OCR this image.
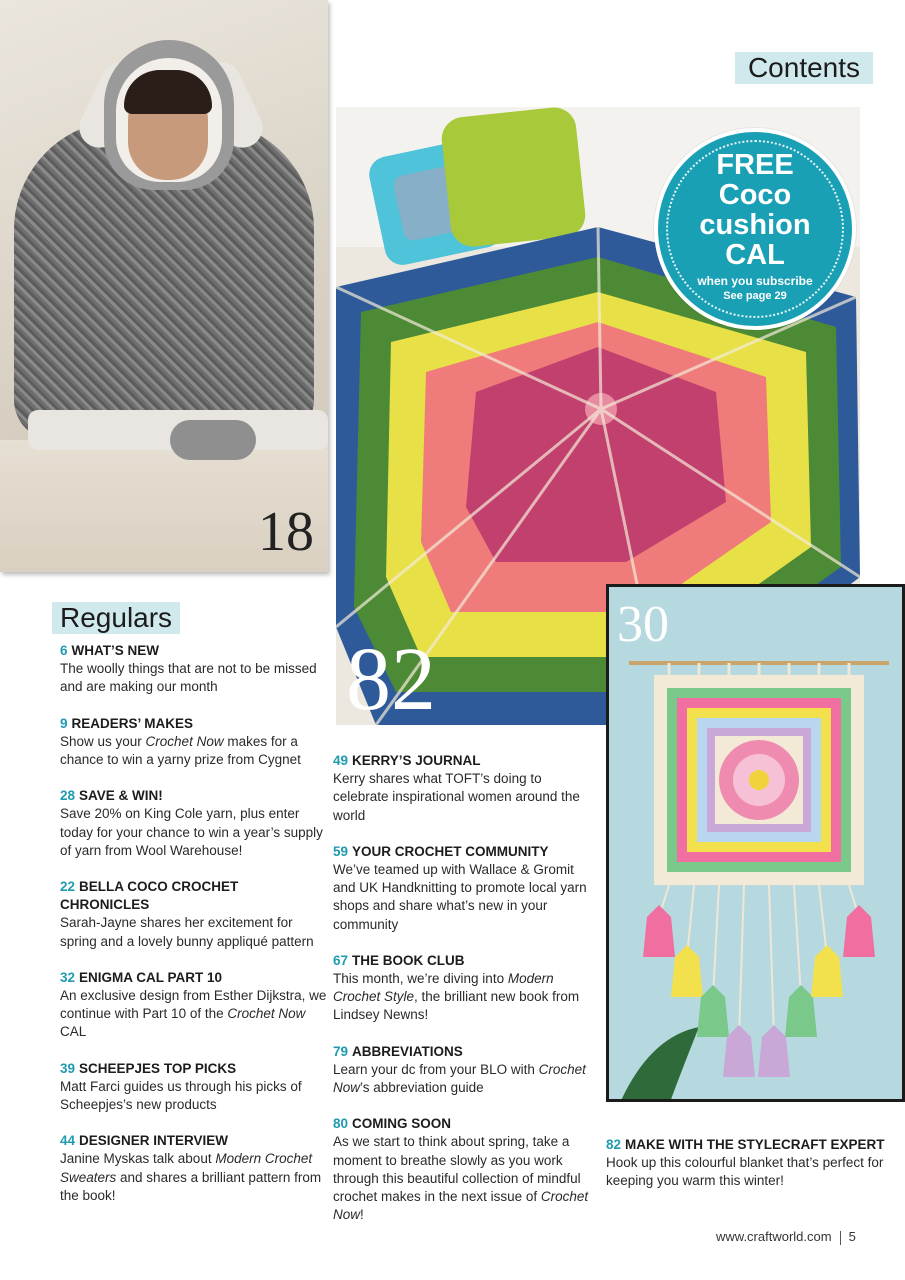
18
82
FREE
Coco
cushion
CAL
when you subscribe
See page 29
30
Contents
Regulars
6 WHAT’S NEW
The woolly things that are not to be missed and are making our month
9 READERS’ MAKES
Show us your Crochet Now makes for a chance to win a yarny prize from Cygnet
28 SAVE & WIN!
Save 20% on King Cole yarn, plus enter today for your chance to win a year’s supply of yarn from Wool Warehouse!
22 BELLA COCO CROCHET CHRONICLES
Sarah-Jayne shares her excitement for spring and a lovely bunny appliqué pattern
32 ENIGMA CAL PART 10
An exclusive design from Esther Dijkstra, we continue with Part 10 of the Crochet Now CAL
39 SCHEEPJES TOP PICKS
Matt Farci guides us through his picks of Scheepjes’s new products
44 DESIGNER INTERVIEW
Janine Myskas talk about Modern Crochet Sweaters and shares a brilliant pattern from the book!
49 KERRY’S JOURNAL
Kerry shares what TOFT’s doing to celebrate inspirational women around the world
59 YOUR CROCHET COMMUNITY
We’ve teamed up with Wallace & Gromit and UK Handknitting to promote local yarn shops and share what’s new in your community
67 THE BOOK CLUB
This month, we’re diving into Modern Crochet Style, the brilliant new book from Lindsey Newns!
79 ABBREVIATIONS
Learn your dc from your BLO with Crochet Now’s abbreviation guide
80 COMING SOON
As we start to think about spring, take a moment to breathe slowly as you work through this beautiful collection of mindful crochet makes in the next issue of Crochet Now!
82 MAKE WITH THE STYLECRAFT EXPERT
Hook up this colourful blanket that’s perfect for keeping you warm this winter!
www.craftworld.com 5
